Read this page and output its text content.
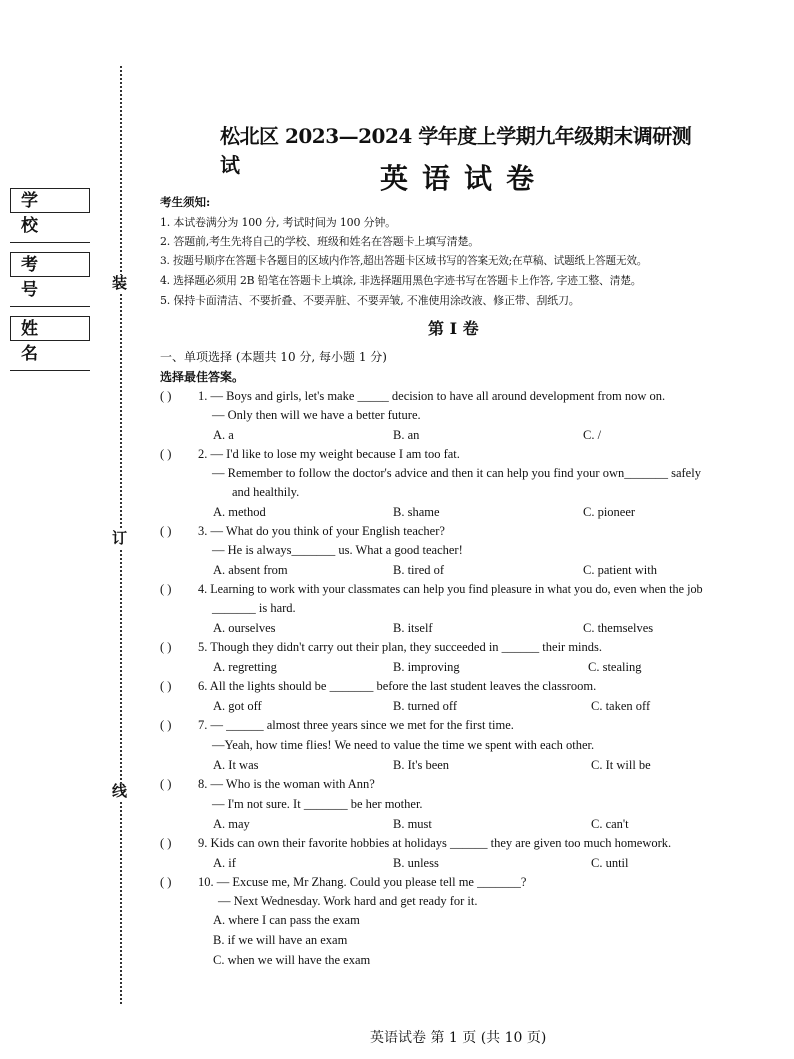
装
订
线
学 校
考 号
姓 名
松北区 2023—2024 学年度上学期九年级期末调研测试	英语试卷
考生须知:
1. 本试卷满分为 100 分, 考试时间为 100 分钟。
2. 答题前,考生先将自己的学校、班级和姓名在答题卡上填写清楚。
3. 按题号顺序在答题卡各题目的区域内作答,超出答题卡区域书写的答案无效;在草稿、试题纸上答题无效。
4. 选择题必须用 2B 铅笔在答题卡上填涂, 非选择题用黑色字迹书写在答题卡上作答, 字迹工整、清楚。
5. 保持卡面清洁、不要折叠、不要弄脏、不要弄皱, 不准使用涂改液、修正带、刮纸刀。
第 I 卷
一、单项选择 (本题共 10 分, 每小题 1 分)
选择最佳答案。
( ) 1. — Boys and girls, let's make _____ decision to have all around development from now on.
— Only then will we have a better future.
A. a	B. an	C. /
( ) 2. — I'd like to lose my weight because I am too fat.
— Remember to follow the doctor's advice and then it can help you find your own_______ safely
and healthily.
A. method	B. shame	C. pioneer
( ) 3. — What do you think of your English teacher?
— He is always_______ us. What a good teacher!
A. absent from	B. tired of	C. patient with
( ) 4. Learning to work with your classmates can help you find pleasure in what you do, even when the job
_______ is hard.
A. ourselves	B. itself	C. themselves
( ) 5. Though they didn't carry out their plan, they succeeded in ______ their minds.
A. regretting	B. improving	C. stealing
( ) 6. All the lights should be _______ before the last student leaves the classroom.
A. got off	B. turned off	C. taken off
( ) 7. — ______ almost three years since we met for the first time.
—Yeah, how time flies! We need to value the time we spent with each other.
A. It was	B. It's been	C. It will be
( ) 8. — Who is the woman with Ann?
— I'm not sure. It _______ be her mother.
A. may	B. must	C. can't
( ) 9. Kids can own their favorite hobbies at holidays ______ they are given too much homework.
A. if	B. unless	C. until
( ) 10. — Excuse me, Mr Zhang. Could you please tell me _______?
— Next Wednesday. Work hard and get ready for it.
A. where I can pass the exam
B. if we will have an exam
C. when we will have the exam
英语试卷 第 1 页 (共 10 页)
